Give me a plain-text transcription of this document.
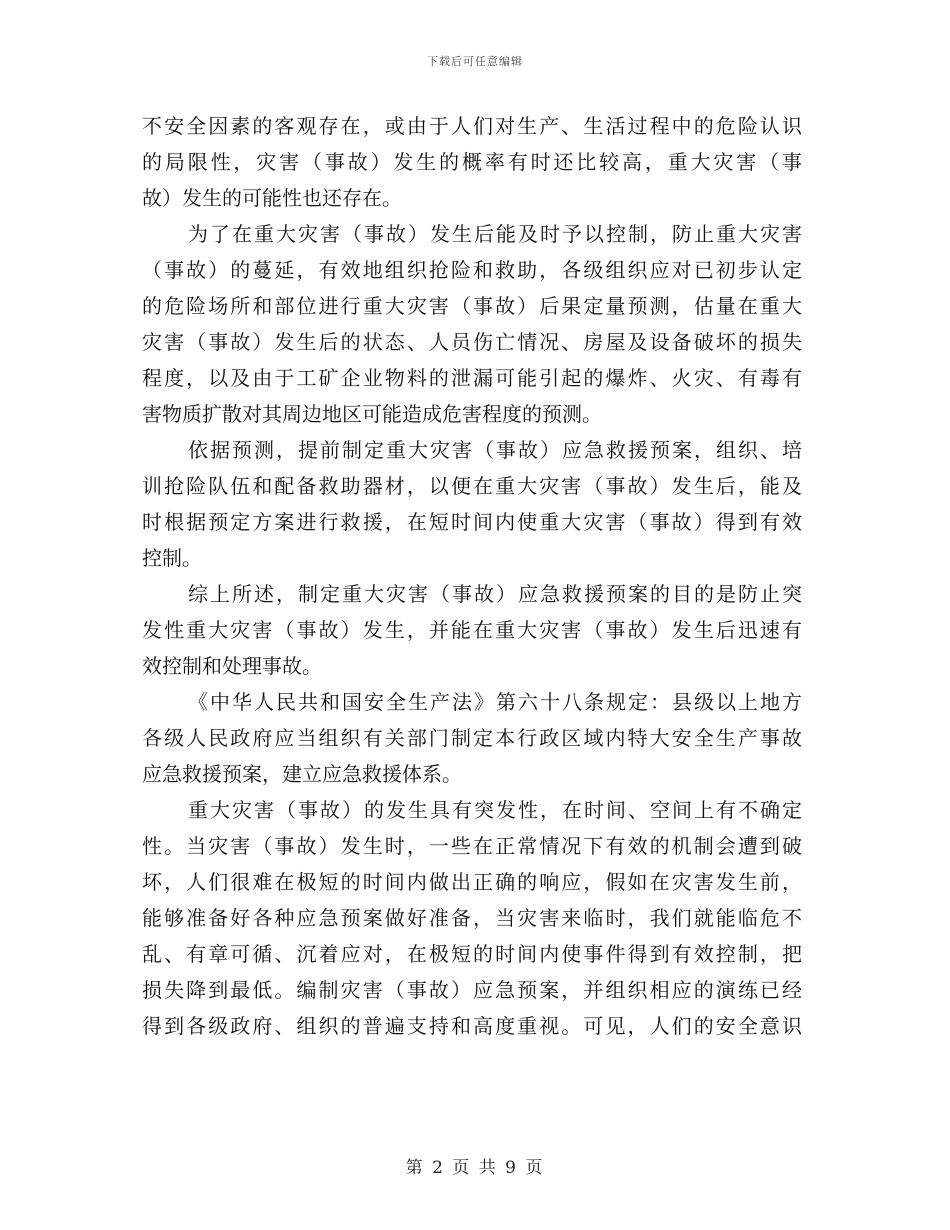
下载后可任意编辑
不安全因素的客观存在，或由于人们对生产、生活过程中的危险认识
的局限性，灾害（事故）发生的概率有时还比较高，重大灾害（事
故）发生的可能性也还存在。
为了在重大灾害（事故）发生后能及时予以控制，防止重大灾害
（事故）的蔓延，有效地组织抢险和救助，各级组织应对已初步认定
的危险场所和部位进行重大灾害（事故）后果定量预测，估量在重大
灾害（事故）发生后的状态、人员伤亡情况、房屋及设备破坏的损失
程度，以及由于工矿企业物料的泄漏可能引起的爆炸、火灾、有毒有
害物质扩散对其周边地区可能造成危害程度的预测。
依据预测，提前制定重大灾害（事故）应急救援预案，组织、培
训抢险队伍和配备救助器材，以便在重大灾害（事故）发生后，能及
时根据预定方案进行救援，在短时间内使重大灾害（事故）得到有效
控制。
综上所述，制定重大灾害（事故）应急救援预案的目的是防止突
发性重大灾害（事故）发生，并能在重大灾害（事故）发生后迅速有
效控制和处理事故。
《中华人民共和国安全生产法》第六十八条规定：县级以上地方
各级人民政府应当组织有关部门制定本行政区域内特大安全生产事故
应急救援预案，建立应急救援体系。
重大灾害（事故）的发生具有突发性，在时间、空间上有不确定
性。当灾害（事故）发生时，一些在正常情况下有效的机制会遭到破
坏，人们很难在极短的时间内做出正确的响应，假如在灾害发生前，
能够准备好各种应急预案做好准备，当灾害来临时，我们就能临危不
乱、有章可循、沉着应对，在极短的时间内使事件得到有效控制，把
损失降到最低。编制灾害（事故）应急预案，并组织相应的演练已经
得到各级政府、组织的普遍支持和高度重视。可见，人们的安全意识
第 2 页 共 9 页
